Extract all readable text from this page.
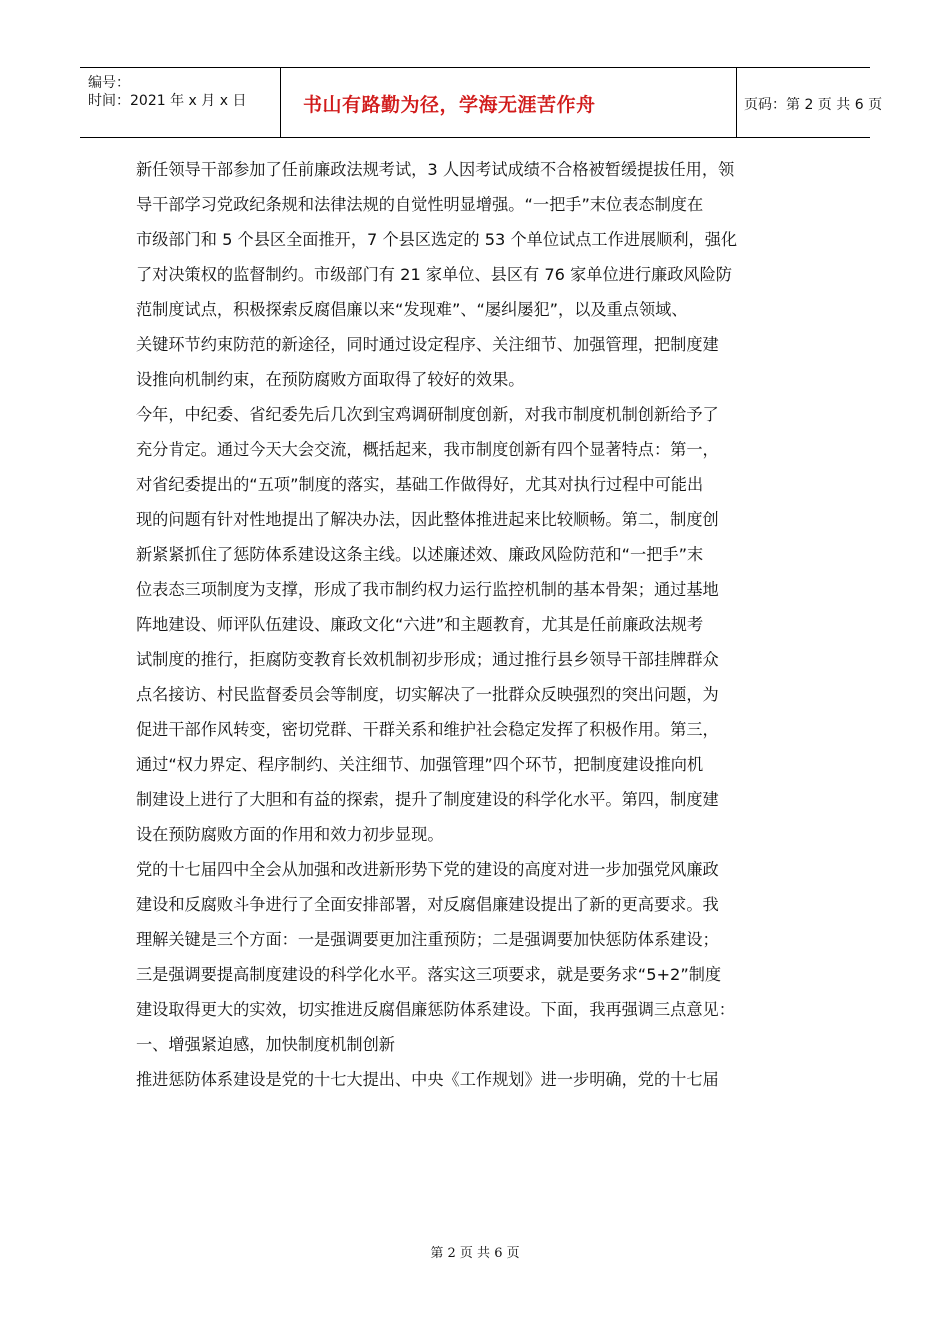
编号：
时间：2021 年 x 月 x 日	书山有路勤为径，学海无涯苦作舟	页码：第 2 页 共 6 页
新任领导干部参加了任前廉政法规考试，3 人因考试成绩不合格被暂缓提拔任用，领
导干部学习党政纪条规和法律法规的自觉性明显增强。“一把手”末位表态制度在
市级部门和 5 个县区全面推开，7 个县区选定的 53 个单位试点工作进展顺利，强化
了对决策权的监督制约。市级部门有 21 家单位、县区有 76 家单位进行廉政风险防
范制度试点，积极探索反腐倡廉以来“发现难”、“屡纠屡犯”，以及重点领域、
关键环节约束防范的新途径，同时通过设定程序、关注细节、加强管理，把制度建
设推向机制约束，在预防腐败方面取得了较好的效果。
今年，中纪委、省纪委先后几次到宝鸡调研制度创新，对我市制度机制创新给予了
充分肯定。通过今天大会交流，概括起来，我市制度创新有四个显著特点：第一，
对省纪委提出的“五项”制度的落实，基础工作做得好，尤其对执行过程中可能出
现的问题有针对性地提出了解决办法，因此整体推进起来比较顺畅。第二，制度创
新紧紧抓住了惩防体系建设这条主线。以述廉述效、廉政风险防范和“一把手”末
位表态三项制度为支撑，形成了我市制约权力运行监控机制的基本骨架；通过基地
阵地建设、师评队伍建设、廉政文化“六进”和主题教育，尤其是任前廉政法规考
试制度的推行，拒腐防变教育长效机制初步形成；通过推行县乡领导干部挂牌群众
点名接访、村民监督委员会等制度，切实解决了一批群众反映强烈的突出问题，为
促进干部作风转变，密切党群、干群关系和维护社会稳定发挥了积极作用。第三，
通过“权力界定、程序制约、关注细节、加强管理”四个环节，把制度建设推向机
制建设上进行了大胆和有益的探索，提升了制度建设的科学化水平。第四，制度建
设在预防腐败方面的作用和效力初步显现。
党的十七届四中全会从加强和改进新形势下党的建设的高度对进一步加强党风廉政
建设和反腐败斗争进行了全面安排部署，对反腐倡廉建设提出了新的更高要求。我
理解关键是三个方面：一是强调要更加注重预防；二是强调要加快惩防体系建设；
三是强调要提高制度建设的科学化水平。落实这三项要求，就是要务求“5+2”制度
建设取得更大的实效，切实推进反腐倡廉惩防体系建设。下面，我再强调三点意见：
一、增强紧迫感，加快制度机制创新
推进惩防体系建设是党的十七大提出、中央《工作规划》进一步明确，党的十七届
第 2 页 共 6 页
